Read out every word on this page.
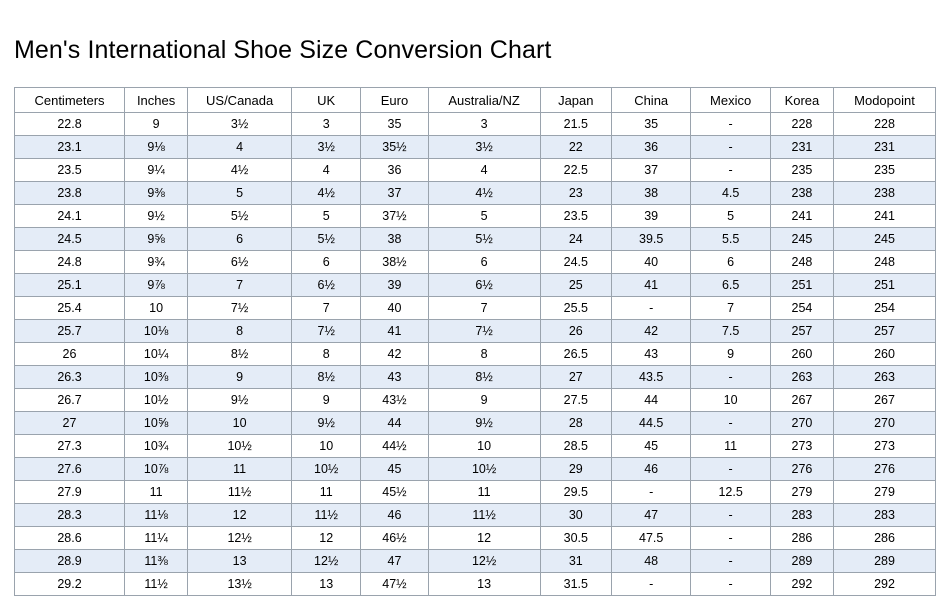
Men's International Shoe Size Conversion Chart
Centimeters	Inches	US/Canada	UK	Euro	Australia/NZ	Japan	China	Mexico	Korea	Modopoint
22.8	9	3½	3	35	3	21.5	35	-	228	228
23.1	9⅛	4	3½	35½	3½	22	36	-	231	231
23.5	9¼	4½	4	36	4	22.5	37	-	235	235
23.8	9⅜	5	4½	37	4½	23	38	4.5	238	238
24.1	9½	5½	5	37½	5	23.5	39	5	241	241
24.5	9⅝	6	5½	38	5½	24	39.5	5.5	245	245
24.8	9¾	6½	6	38½	6	24.5	40	6	248	248
25.1	9⅞	7	6½	39	6½	25	41	6.5	251	251
25.4	10	7½	7	40	7	25.5	-	7	254	254
25.7	10⅛	8	7½	41	7½	26	42	7.5	257	257
26	10¼	8½	8	42	8	26.5	43	9	260	260
26.3	10⅜	9	8½	43	8½	27	43.5	-	263	263
26.7	10½	9½	9	43½	9	27.5	44	10	267	267
27	10⅝	10	9½	44	9½	28	44.5	-	270	270
27.3	10¾	10½	10	44½	10	28.5	45	11	273	273
27.6	10⅞	11	10½	45	10½	29	46	-	276	276
27.9	11	11½	11	45½	11	29.5	-	12.5	279	279
28.3	11⅛	12	11½	46	11½	30	47	-	283	283
28.6	11¼	12½	12	46½	12	30.5	47.5	-	286	286
28.9	11⅜	13	12½	47	12½	31	48	-	289	289
29.2	11½	13½	13	47½	13	31.5	-	-	292	292
